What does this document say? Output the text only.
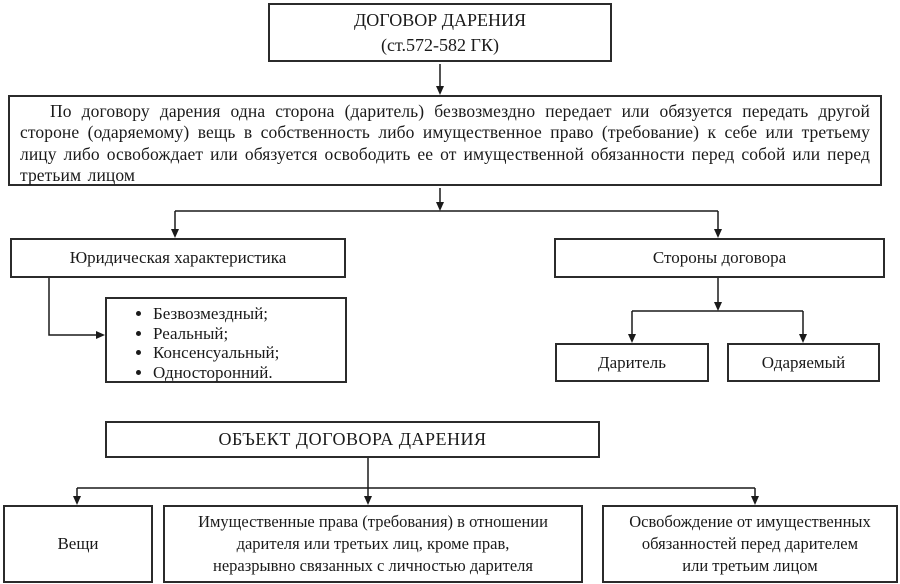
ДОГОВОР ДАРЕНИЯ
(ст.572-582 ГК)

По договору дарения одна сторона (даритель) безвозмездно передает или обязуется передать другой стороне (одаряемому) вещь в собственность либо имущественное право (требование) к себе или третьему лицу либо освобождает или обязуется освободить ее от имущественной обязанности перед собой или перед третьим лицом

Юридическая характеристика	Стороны договора
• Безвозмездный;
• Реальный;
• Консенсуальный;
• Односторонний.
Даритель	Одаряемый
ОБЪЕКТ ДОГОВОРА ДАРЕНИЯ
Вещи
Имущественные права (требования) в отношении
дарителя или третьих лиц, кроме прав,
неразрывно связанных с личностью дарителя
Освобождение от имущественных
обязанностей перед дарителем
или третьим лицом
